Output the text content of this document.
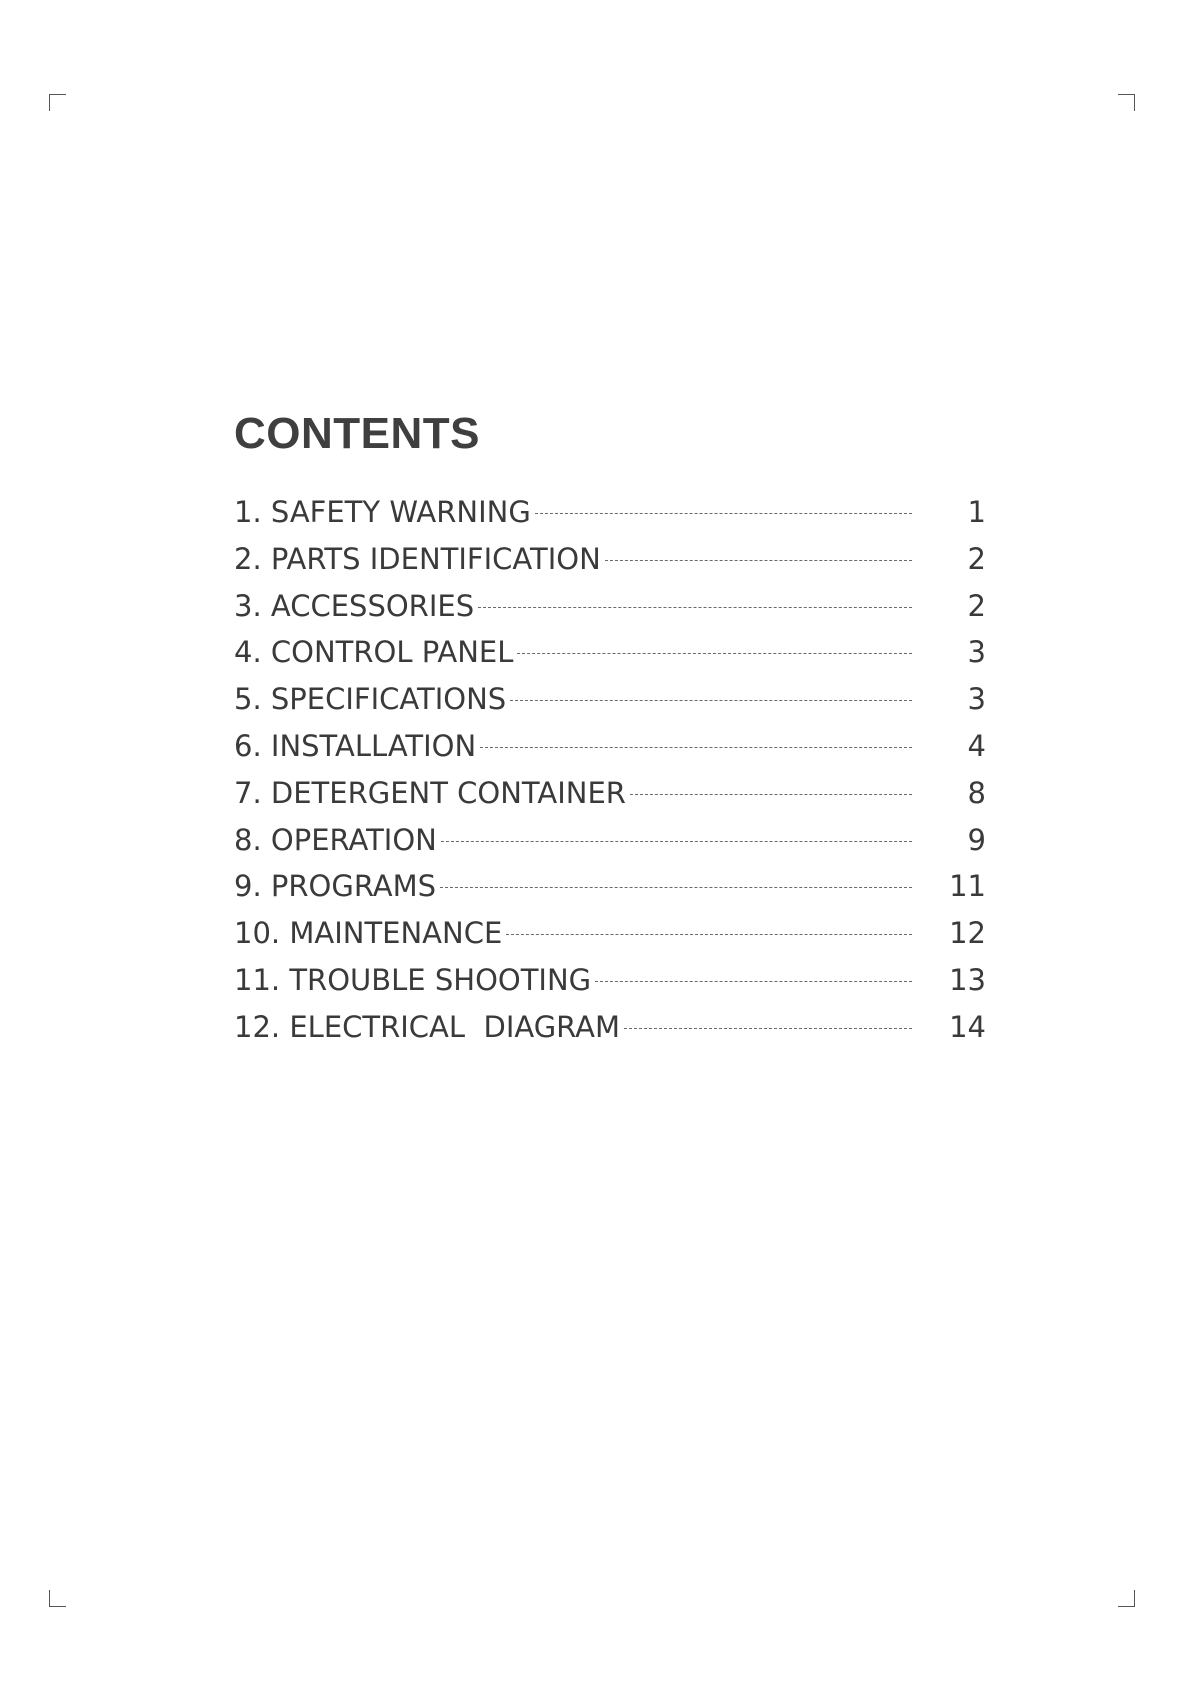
CONTENTS
1. SAFETY WARNING	1
2. PARTS IDENTIFICATION	2
3. ACCESSORIES	2
4. CONTROL PANEL	3
5. SPECIFICATIONS	3
6. INSTALLATION	4
7. DETERGENT CONTAINER	8
8. OPERATION	9
9. PROGRAMS	11
10. MAINTENANCE	12
11. TROUBLE SHOOTING	13
12. ELECTRICAL  DIAGRAM	14
